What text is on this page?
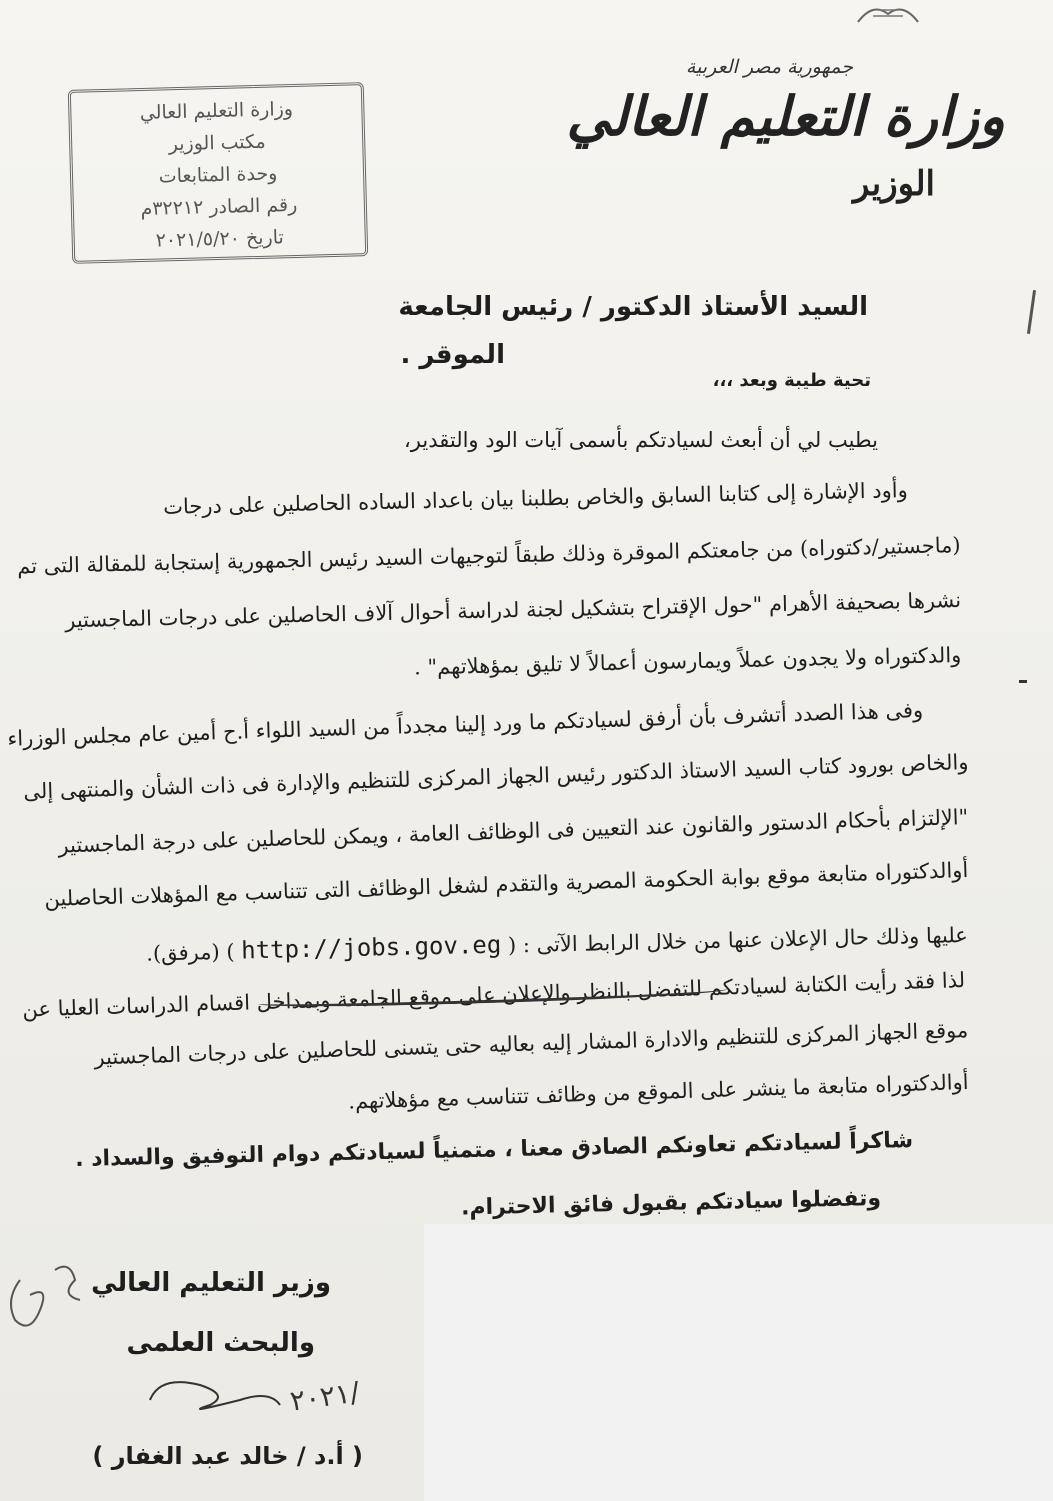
جمهورية مصر العربية
وزارة التعليم العالي
الوزير
وزارة التعليم العالي
مكتب الوزير
وحدة المتابعات
رقم الصادر ٣٢٢١٢م
تاريخ ٢٠٢١/٥/٢٠
السيد الأستاذ الدكتور / رئيس الجامعة
الموقر .
تحية طيبة وبعد ،،،
يطيب لي أن أبعث لسيادتكم بأسمى آيات الود والتقدير،
وأود الإشارة إلى كتابنا السابق والخاص بطلبنا بيان باعداد الساده الحاصلين على درجات
(ماجستير/دكتوراه) من جامعتكم الموقرة وذلك طبقاً لتوجيهات السيد رئيس الجمهورية إستجابة للمقالة التى تم
نشرها بصحيفة الأهرام "حول الإقتراح بتشكيل لجنة لدراسة أحوال آلاف الحاصلين على درجات الماجستير
والدكتوراه ولا يجدون عملاً ويمارسون أعمالاً لا تليق بمؤهلاتهم" .
وفى هذا الصدد أتشرف بأن أرفق لسيادتكم ما ورد إلينا مجدداً من السيد اللواء أ.ح أمين عام مجلس الوزراء
والخاص بورود كتاب السيد الاستاذ الدكتور رئيس الجهاز المركزى للتنظيم والإدارة فى ذات الشأن والمنتهى إلى
"الإلتزام بأحكام الدستور والقانون عند التعيين فى الوظائف العامة ، ويمكن للحاصلين على درجة الماجستير
أوالدكتوراه متابعة موقع بوابة الحكومة المصرية والتقدم لشغل الوظائف التى تتناسب مع المؤهلات الحاصلين
عليها وذلك حال الإعلان عنها من خلال الرابط الآتى : ( http://jobs.gov.eg ) (مرفق).
لذا فقد رأيت الكتابة لسيادتكم للتفضل بالنظر والإعلان على موقع الجامعة وبمداخل اقسام الدراسات العليا عن
موقع الجهاز المركزى للتنظيم والادارة المشار إليه بعاليه حتى يتسنى للحاصلين على درجات الماجستير
أوالدكتوراه متابعة ما ينشر على الموقع من وظائف تتناسب مع مؤهلاتهم.
شاكراً لسيادتكم تعاونكم الصادق معنا ، متمنياً لسيادتكم دوام التوفيق والسداد .
وتفضلوا سيادتكم بقبول فائق الاحترام.
وزير التعليم العالي
والبحث العلمى
٢٠٢١/
( أ.د / خالد عبد الغفار )
